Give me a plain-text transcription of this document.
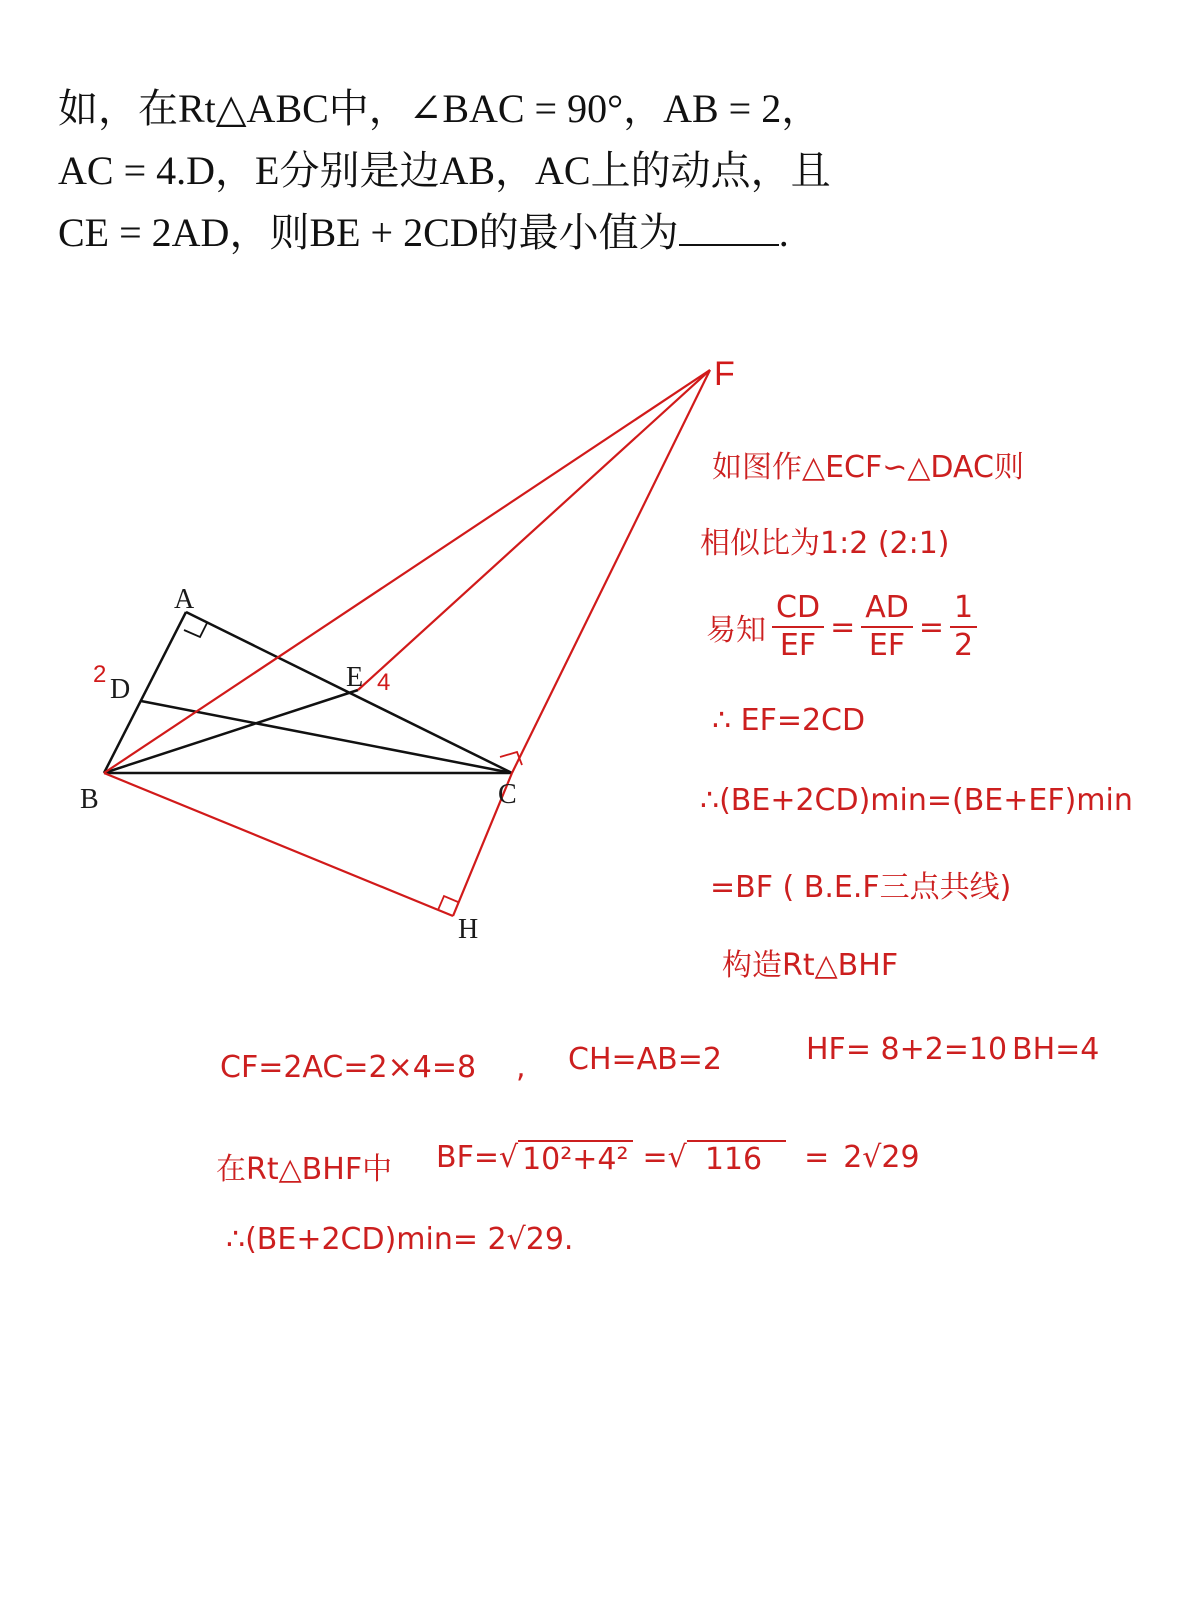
如，在Rt△ABC中，∠BAC = 90°，AB = 2，
AC = 4.D，E分别是边AB，AC上的动点，且
CE = 2AD，则BE + 2CD的最小值为	.
A
B	C
D	E
F
H
2	4
如图作△ECF∽△DAC则
相似比为1:2 (2:1)
易知 $\frac{CD}{EF} = \frac{AD}{EF} = \frac{1}{2}$
∴ EF=2CD
∴(BE+2CD)min=(BE+EF)min
=BF ( B.E.F三点共线)
构造Rt△BHF
CF=2AC=2×4=8 , CH=AB=2	HF= 8+2=10 BH=4
在Rt△BHF中 BF=√ 10²+4² =√ 116	= 2√29
∴(BE+2CD)min= 2√29.
